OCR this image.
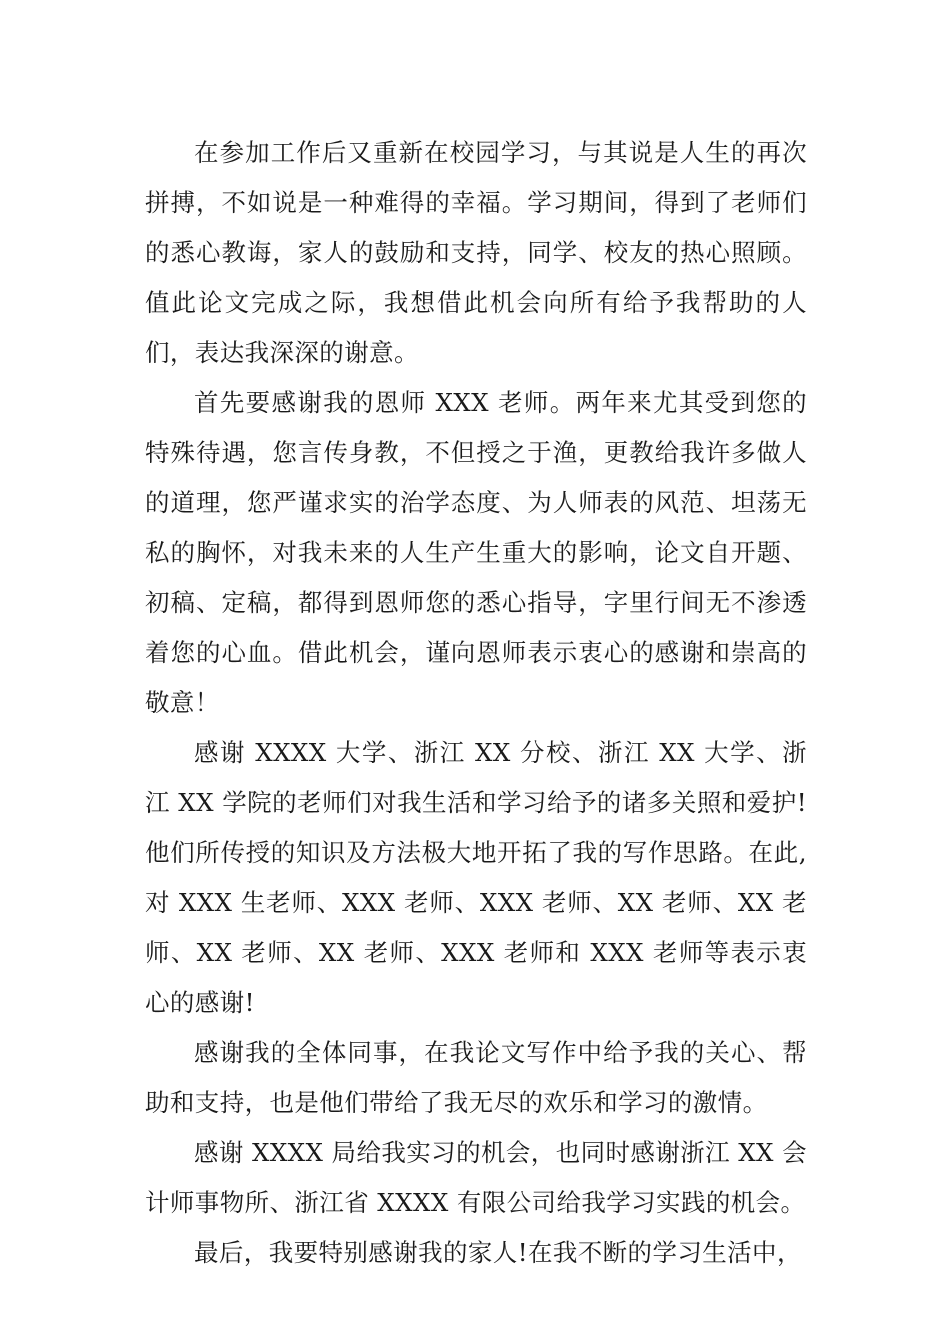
在参加工作后又重新在校园学习，与其说是人生的再次拼搏，不如说是一种难得的幸福。学习期间，得到了老师们的悉心教诲，家人的鼓励和支持，同学、校友的热心照顾。值此论文完成之际，我想借此机会向所有给予我帮助的人们，表达我深深的谢意。

首先要感谢我的恩师 XXX 老师。两年来尤其受到您的特殊待遇，您言传身教，不但授之于渔，更教给我许多做人的道理，您严谨求实的治学态度、为人师表的风范、坦荡无私的胸怀，对我未来的人生产生重大的影响，论文自开题、初稿、定稿，都得到恩师您的悉心指导，字里行间无不渗透着您的心血。借此机会，谨向恩师表示衷心的感谢和崇高的敬意！

感谢 XXXX 大学、浙江 XX 分校、浙江 XX 大学、浙江 XX 学院的老师们对我生活和学习给予的诸多关照和爱护!他们所传授的知识及方法极大地开拓了我的写作思路。在此,对 XXX 生老师、XXX 老师、XXX 老师、XX 老师、XX 老师、XX 老师、XX 老师、XXX 老师和 XXX 老师等表示衷心的感谢!

感谢我的全体同事，在我论文写作中给予我的关心、帮助和支持，也是他们带给了我无尽的欢乐和学习的激情。

感谢 XXXX 局给我实习的机会，也同时感谢浙江 XX 会计师事物所、浙江省 XXXX 有限公司给我学习实践的机会。

最后，我要特别感谢我的家人!在我不断的学习生活中，
